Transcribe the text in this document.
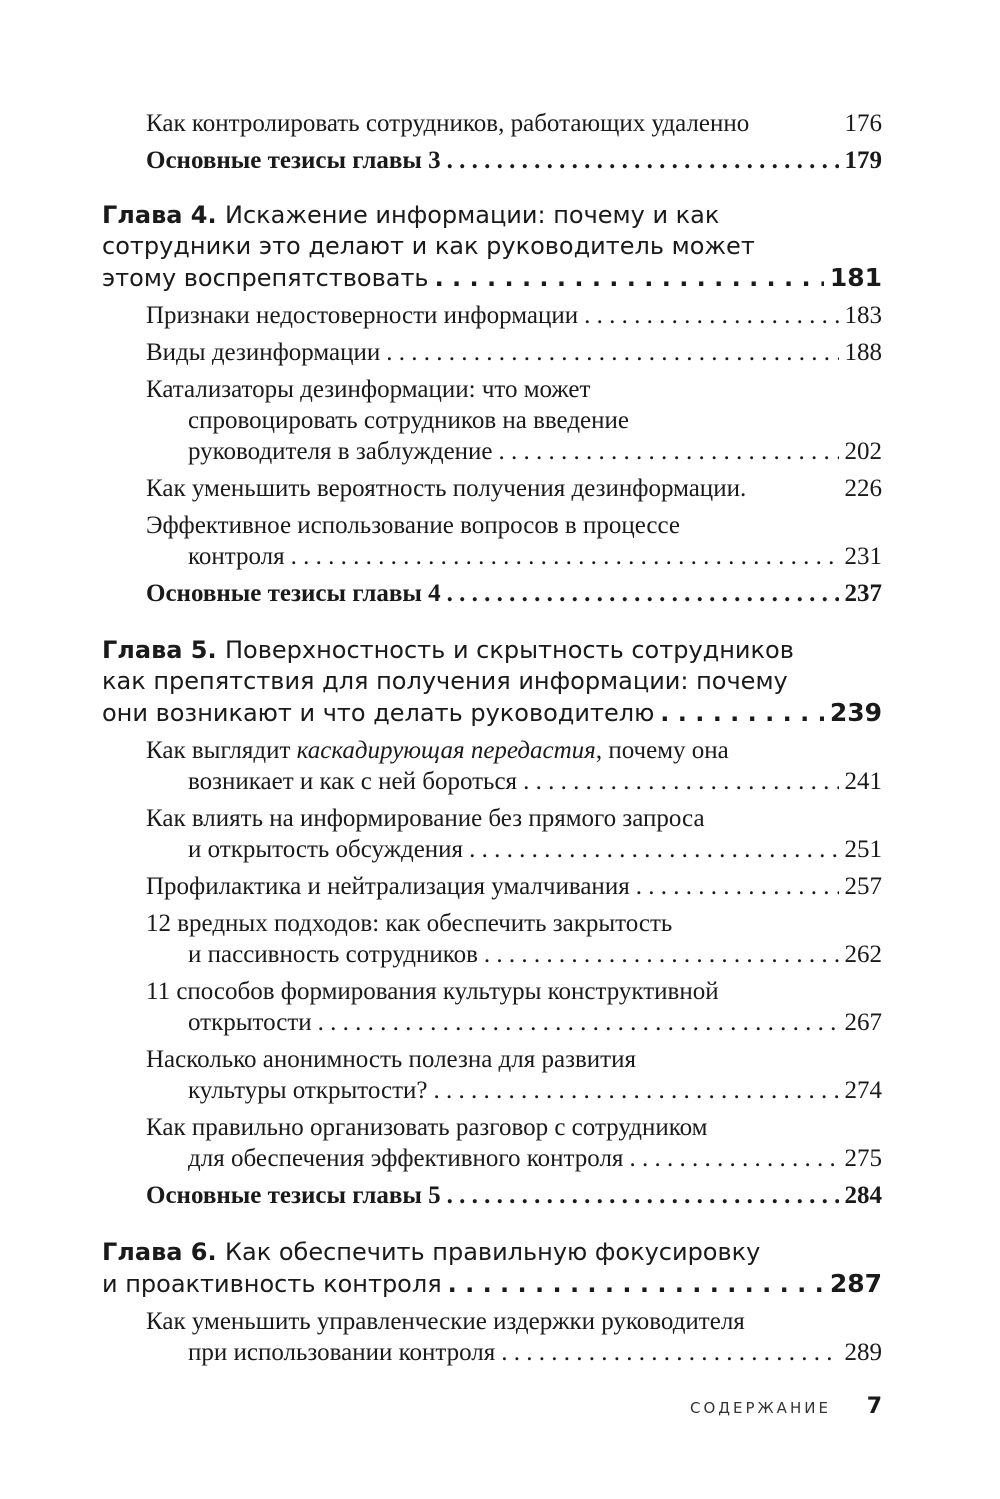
Как контролировать сотрудников, работающих удаленно	176
Основные тезисы главы 3 . . .	179
Глава 4. Искажение информации: почему и как
сотрудники это делают и как руководитель может
этому воспрепятствовать . . .	181
Признаки недостоверности информации . . .	183
Виды дезинформации . . .	188
Катализаторы дезинформации: что может
спровоцировать сотрудников на введение
руководителя в заблуждение . . .	202
Как уменьшить вероятность получения дезинформации.	226
Эффективное использование вопросов в процессе
контроля . . .	231
Основные тезисы главы 4 . . .	237
Глава 5. Поверхностность и скрытность сотрудников
как препятствия для получения информации: почему
они возникают и что делать руководителю . . .	239
Как выглядит каскадирующая передастия, почему она
возникает и как с ней бороться . . .	241
Как влиять на информирование без прямого запроса
и открытость обсуждения . . .	251
Профилактика и нейтрализация умалчивания . . .	257
12 вредных подходов: как обеспечить закрытость
и пассивность сотрудников . . .	262
11 способов формирования культуры конструктивной
открытости . . .	267
Насколько анонимность полезна для развития
культуры открытости? . . .	274
Как правильно организовать разговор с сотрудником
для обеспечения эффективного контроля . . .	275
Основные тезисы главы 5 . . .	284
Глава 6. Как обеспечить правильную фокусировку
и проактивность контроля . . .	287
Как уменьшить управленческие издержки руководителя
при использовании контроля . . .	289
СОДЕРЖАНИЕ 7
